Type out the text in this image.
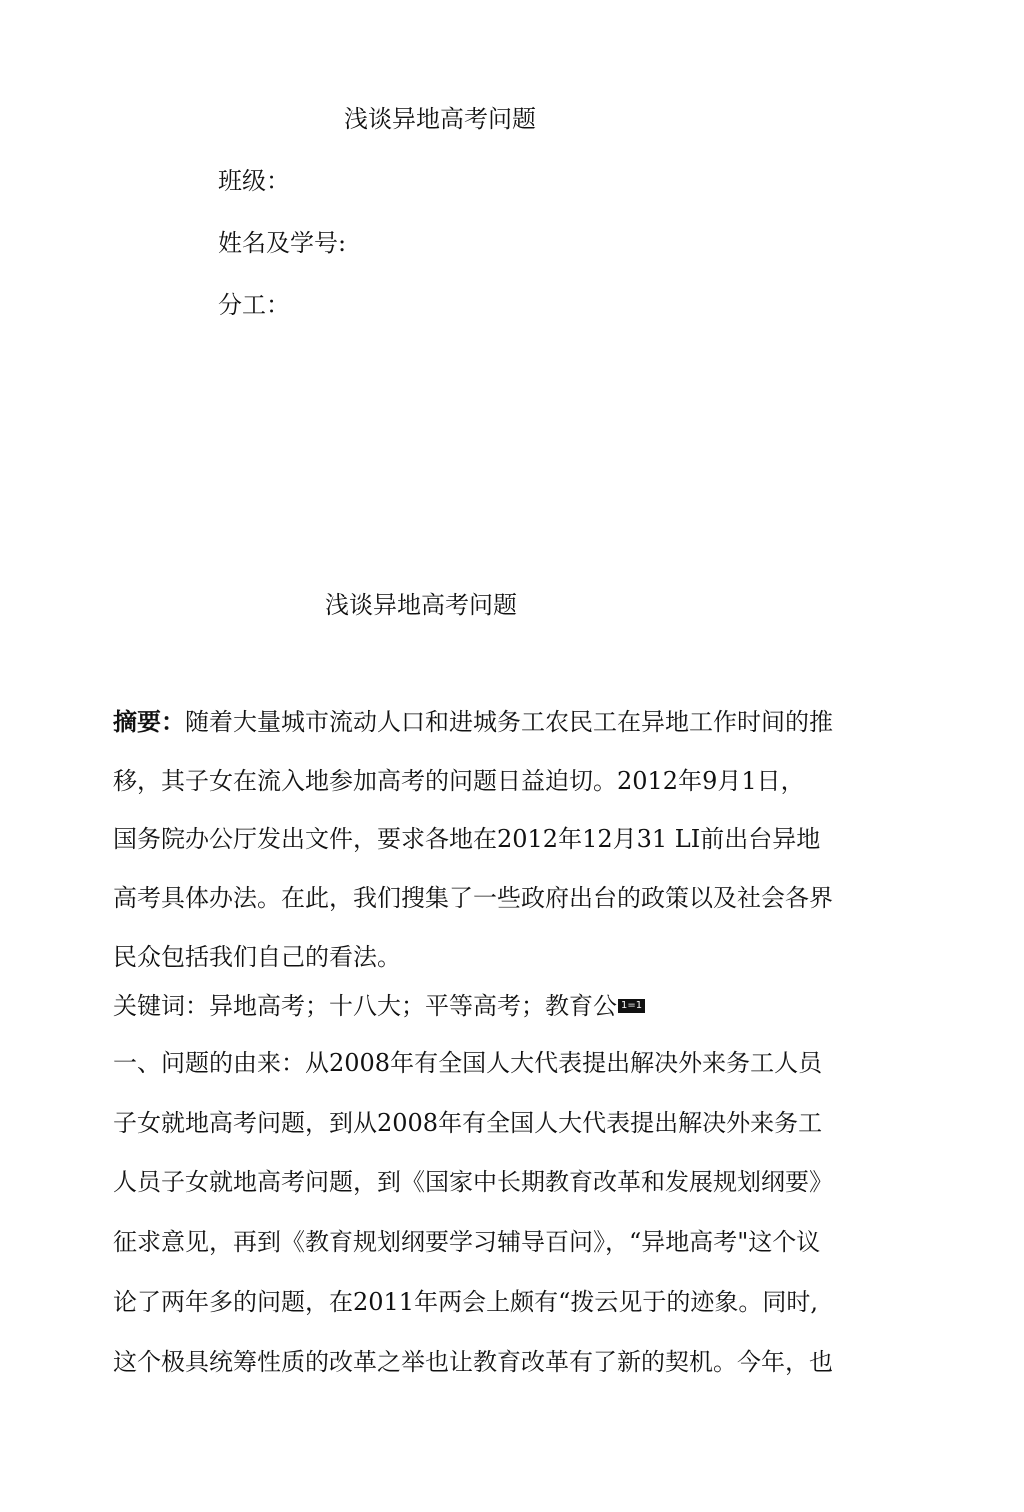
浅谈异地高考问题
班级：
姓名及学号:
分工：
浅谈异地高考问题
摘要：随着大量城市流动人口和进城务工农民工在异地工作时间的推
移，其子女在流入地参加高考的问题日益迫切。2012年9月1日，
国务院办公厅发出文件，要求各地在2012年12月31 LI前出台异地
高考具体办法。在此，我们搜集了一些政府出台的政策以及社会各界
民众包括我们自己的看法。
关键词：异地高考；十八大；平等高考；教育公 1=1
一、问题的由来：从2008年有全国人大代表提出解决外来务工人员
子女就地高考问题，到从2008年有全国人大代表提出解决外来务工
人员子女就地高考问题，到《国家中长期教育改革和发展规划纲要》
征求意见，再到《教育规划纲要学习辅导百问》，“异地高考"这个议
论了两年多的问题，在2011年两会上颇有“拨云见于的迹象。同时,
这个极具统筹性质的改革之举也让教育改革有了新的契机。今年，也
